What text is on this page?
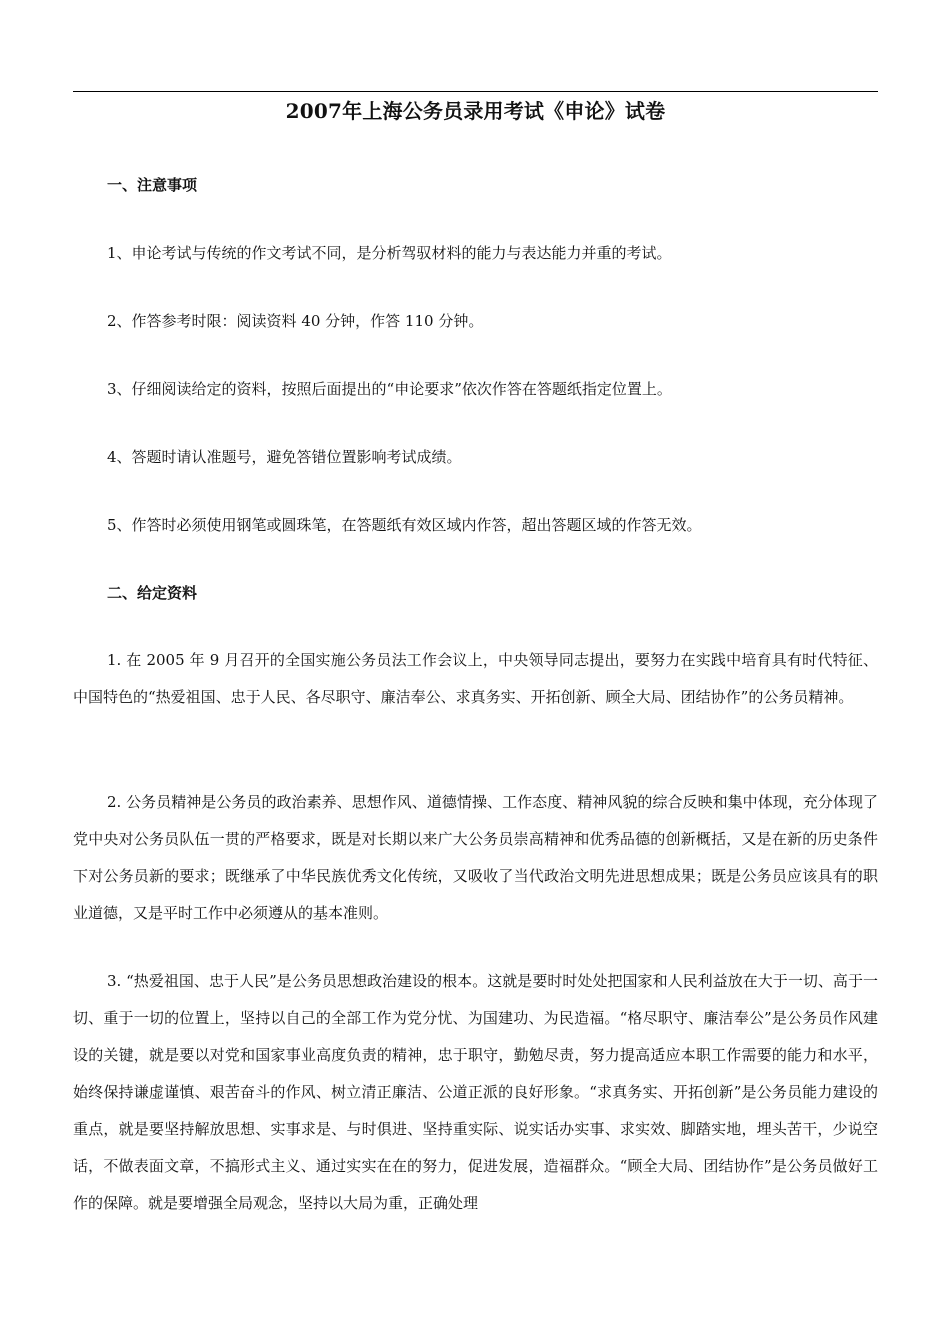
2007年上海公务员录用考试《申论》试卷
一、注意事项
1、申论考试与传统的作文考试不同，是分析驾驭材料的能力与表达能力并重的考试。
2、作答参考时限：阅读资料 40 分钟，作答 110 分钟。
3、仔细阅读给定的资料，按照后面提出的“申论要求”依次作答在答题纸指定位置上。
4、答题时请认准题号，避免答错位置影响考试成绩。
5、作答时必须使用钢笔或圆珠笔，在答题纸有效区域内作答，超出答题区域的作答无效。
二、给定资料
1. 在 2005 年 9 月召开的全国实施公务员法工作会议上，中央领导同志提出，要努力在实践中培育具有时代特征、中国特色的“热爱祖国、忠于人民、各尽职守、廉洁奉公、求真务实、开拓创新、顾全大局、团结协作”的公务员精神。
2. 公务员精神是公务员的政治素养、思想作风、道德情操、工作态度、精神风貌的综合反映和集中体现，充分体现了党中央对公务员队伍一贯的严格要求，既是对长期以来广大公务员崇高精神和优秀品德的创新概括，又是在新的历史条件下对公务员新的要求；既继承了中华民族优秀文化传统，又吸收了当代政治文明先进思想成果；既是公务员应该具有的职业道德，又是平时工作中必须遵从的基本准则。
3. “热爱祖国、忠于人民”是公务员思想政治建设的根本。这就是要时时处处把国家和人民利益放在大于一切、高于一切、重于一切的位置上，坚持以自己的全部工作为党分忧、为国建功、为民造福。“格尽职守、廉洁奉公”是公务员作风建设的关键，就是要以对党和国家事业高度负责的精神，忠于职守，勤勉尽责，努力提高适应本职工作需要的能力和水平，始终保持谦虚谨慎、艰苦奋斗的作风、树立清正廉洁、公道正派的良好形象。“求真务实、开拓创新”是公务员能力建设的重点，就是要坚持解放思想、实事求是、与时俱进、坚持重实际、说实话办实事、求实效、脚踏实地，埋头苦干，少说空话，不做表面文章，不搞形式主义、通过实实在在的努力，促进发展，造福群众。“顾全大局、团结协作”是公务员做好工作的保障。就是要增强全局观念，坚持以大局为重，正确处理
